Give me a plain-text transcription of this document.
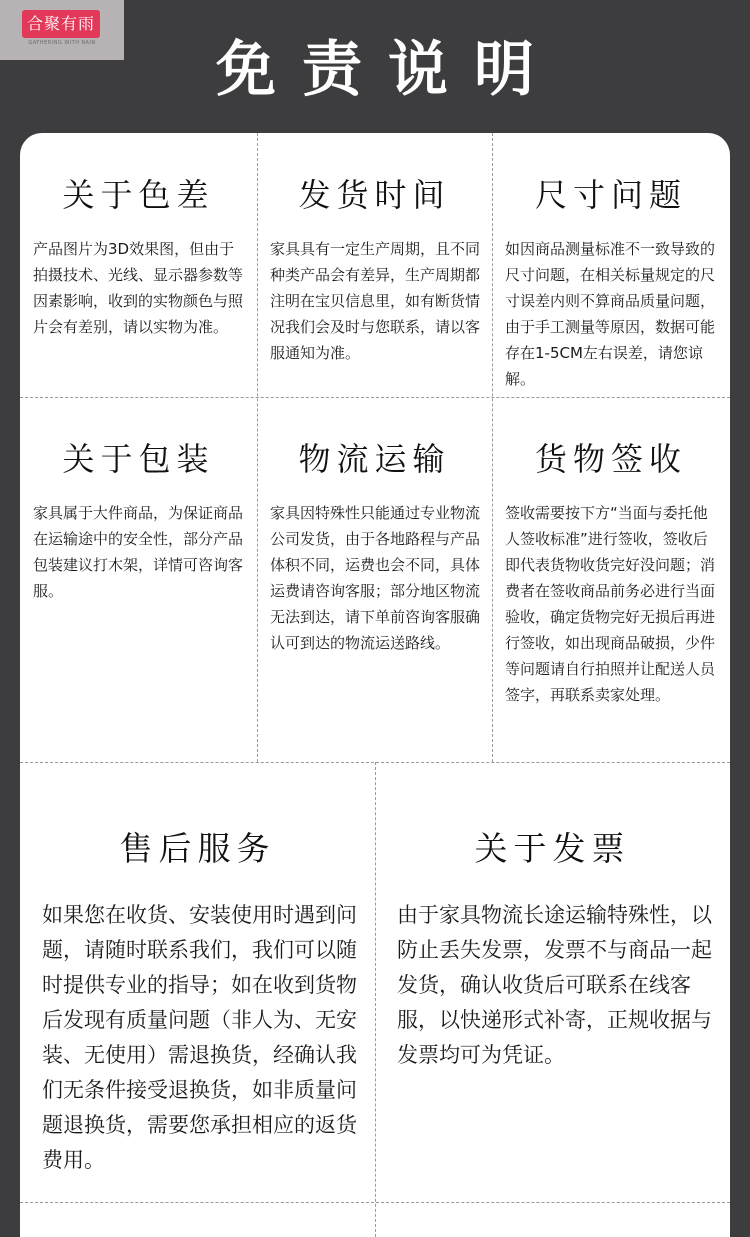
合聚有雨
GATHERING WITH RAIN	免责说明
关于色差

产品图片为3D效果图，但由于拍摄技术、光线、显示器参数等因素影响，收到的实物颜色与照片会有差别，请以实物为准。

发货时间

家具具有一定生产周期，且不同种类产品会有差异，生产周期都注明在宝贝信息里，如有断货情况我们会及时与您联系，请以客服通知为准。

尺寸问题

如因商品测量标准不一致导致的尺寸问题，在相关标量规定的尺寸误差内则不算商品质量问题，由于手工测量等原因，数据可能存在1-5CM左右误差，请您谅解。

关于包装

家具属于大件商品，为保证商品在运输途中的安全性，部分产品包装建议打木架，详情可咨询客服。

物流运输

家具因特殊性只能通过专业物流公司发货，由于各地路程与产品体积不同，运费也会不同，具体运费请咨询客服；部分地区物流无法到达，请下单前咨询客服确认可到达的物流运送路线。

货物签收

签收需要按下方“当面与委托他人签收标准”进行签收，签收后即代表货物收货完好没问题；消费者在签收商品前务必进行当面验收，确定货物完好无损后再进行签收，如出现商品破损，少件等问题请自行拍照并让配送人员签字，再联系卖家处理。

售后服务

如果您在收货、安装使用时遇到问题，请随时联系我们，我们可以随时提供专业的指导；如在收到货物后发现有质量问题（非人为、无安装、无使用）需退换货，经确认我们无条件接受退换货，如非质量问题退换货，需要您承担相应的返货费用。

关于发票

由于家具物流长途运输特殊性，以防止丢失发票，发票不与商品一起发货，确认收货后可联系在线客服，以快递形式补寄，正规收据与发票均可为凭证。
